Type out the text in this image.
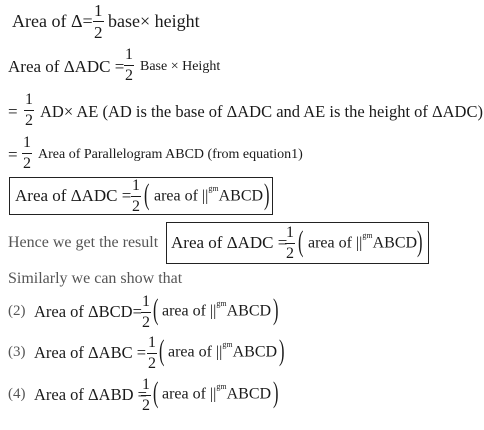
Area of $\Delta= \frac{1}{2}$ base× height
Area of $\Delta ADC = \frac{1}{2}$ Base × Height
= $\frac{1}{2} AD\times$ AE (AD is the base of ΔADC and AE is the height of ΔADC)
= $\frac{1}{2}$ Area of Parallelogram ABCD (from equation1)
Area of $\Delta ADC = \frac{1}{2}$ ( area of $||^{gm}ABCD$ )
Hence we get the result Area of ΔADC =
$\frac{1}{2}$ ( area of $||^{gm}ABCD$ )
Similarly we can show that
(2) Area of $\Delta BCD= \frac{1}{2}$ ( area of $||^{gm}ABCD$ )
(3) Area of $\Delta ABC = \frac{1}{2}$ ( area of $||^{gm}ABCD$ )
(4) Area of ΔABD =
$\frac{1}{2}$ ( area of $||^{gm}ABCD$ )
